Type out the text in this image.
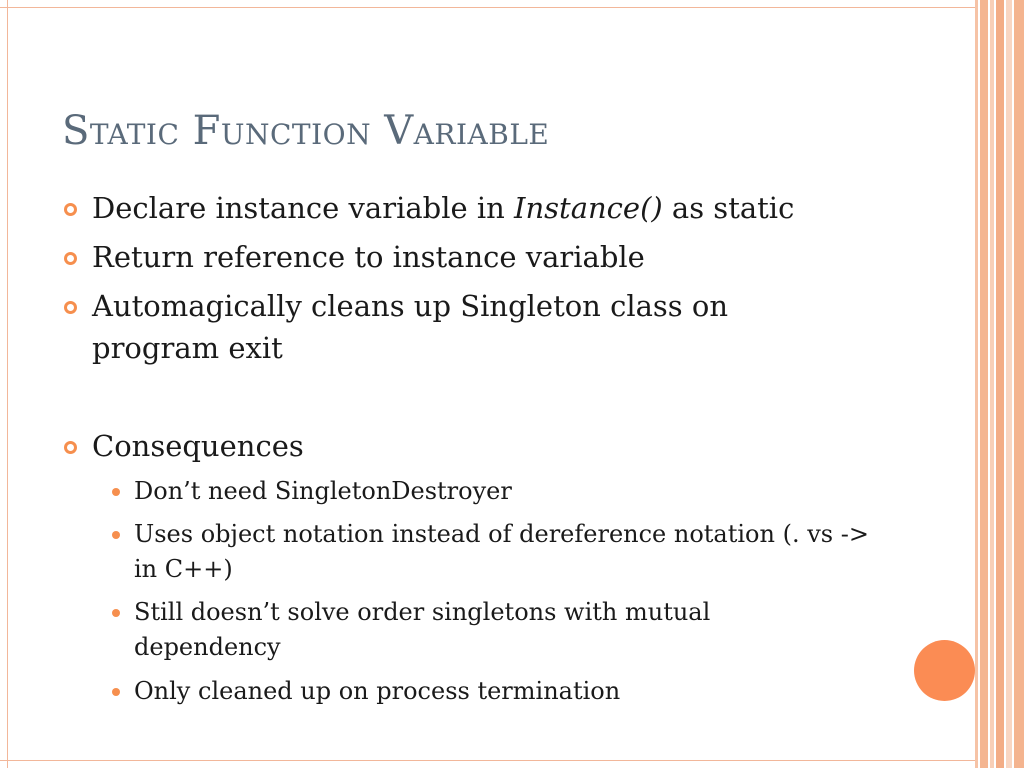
Static Function Variable
Declare instance variable in Instance() as static
Return reference to instance variable
Automagically cleans up Singleton class on program exit
Consequences
Don’t need SingletonDestroyer
Uses object notation instead of dereference notation (. vs -> in C++)
Still doesn’t solve order singletons with mutual dependency
Only cleaned up on process termination
